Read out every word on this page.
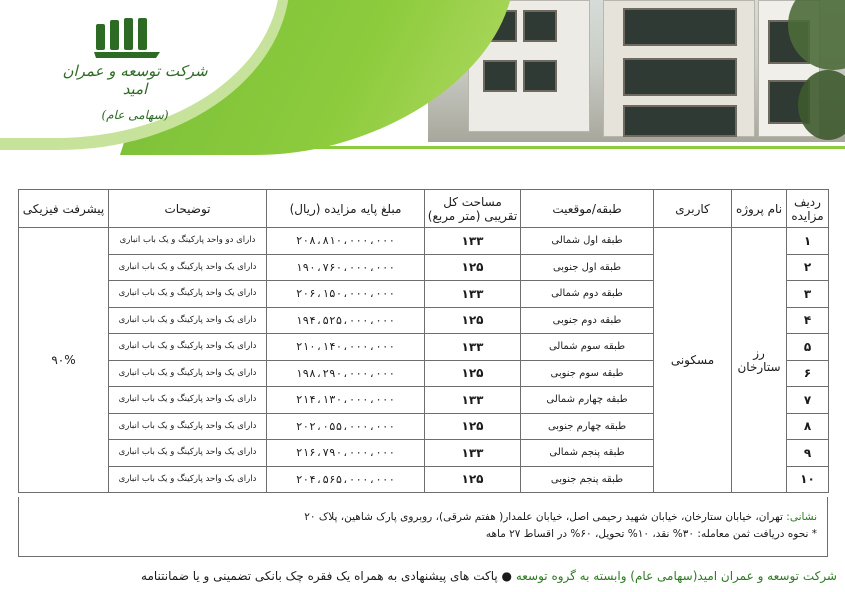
شرکت توسعه و عمران امید
(سهامی عام)
ردیف مزایده	نام پروژه	کاربری	طبقه/موقعیت	مساحت کل تقریبی (متر مربع)	مبلغ پایه مزایده (ریال)	توضیحات	پیشرفت فیزیکی
۱	رز ستارخان	مسکونی	طبقه اول شمالی	۱۳۳	۲۰۸،۸۱۰،۰۰۰،۰۰۰	دارای دو واحد پارکینگ و یک باب انباری	۹۰%
۲			طبقه اول جنوبی	۱۲۵	۱۹۰،۷۶۰،۰۰۰،۰۰۰	دارای یک واحد پارکینگ و یک باب انباری	
۳			طبقه دوم شمالی	۱۳۳	۲۰۶،۱۵۰،۰۰۰،۰۰۰	دارای یک واحد پارکینگ و یک باب انباری	
۴			طبقه دوم جنوبی	۱۲۵	۱۹۴،۵۲۵،۰۰۰،۰۰۰	دارای یک واحد پارکینگ و یک باب انباری	
۵			طبقه سوم شمالی	۱۳۳	۲۱۰،۱۴۰،۰۰۰،۰۰۰	دارای یک واحد پارکینگ و یک باب انباری	
۶			طبقه سوم جنوبی	۱۲۵	۱۹۸،۲۹۰،۰۰۰،۰۰۰	دارای یک واحد پارکینگ و یک باب انباری	
۷			طبقه چهارم شمالی	۱۳۳	۲۱۴،۱۳۰،۰۰۰،۰۰۰	دارای یک واحد پارکینگ و یک باب انباری	
۸			طبقه چهارم جنوبی	۱۲۵	۲۰۲،۰۵۵،۰۰۰،۰۰۰	دارای یک واحد پارکینگ و یک باب انباری	
۹			طبقه پنجم شمالی	۱۳۳	۲۱۶،۷۹۰،۰۰۰،۰۰۰	دارای یک واحد پارکینگ و یک باب انباری	
۱۰			طبقه پنجم جنوبی	۱۲۵	۲۰۴،۵۶۵،۰۰۰،۰۰۰	دارای یک واحد پارکینگ و یک باب انباری	
نشانی: تهران، خیابان ستارخان، خیابان شهید رحیمی اصل، خیابان علمدار( هفتم شرقی)، روبروی پارک شاهین، پلاک ۲۰
* نحوه دریافت ثمن معامله: ۳۰% نقد، ۱۰% تحویل، ۶۰% در اقساط ۲۷ ماهه
شرکت توسعه و عمران امید(سهامی عام) وابسته به گروه توسعه ● پاکت های پیشنهادی به همراه یک فقره چک بانکی تضمینی و یا ضمانتنامه
